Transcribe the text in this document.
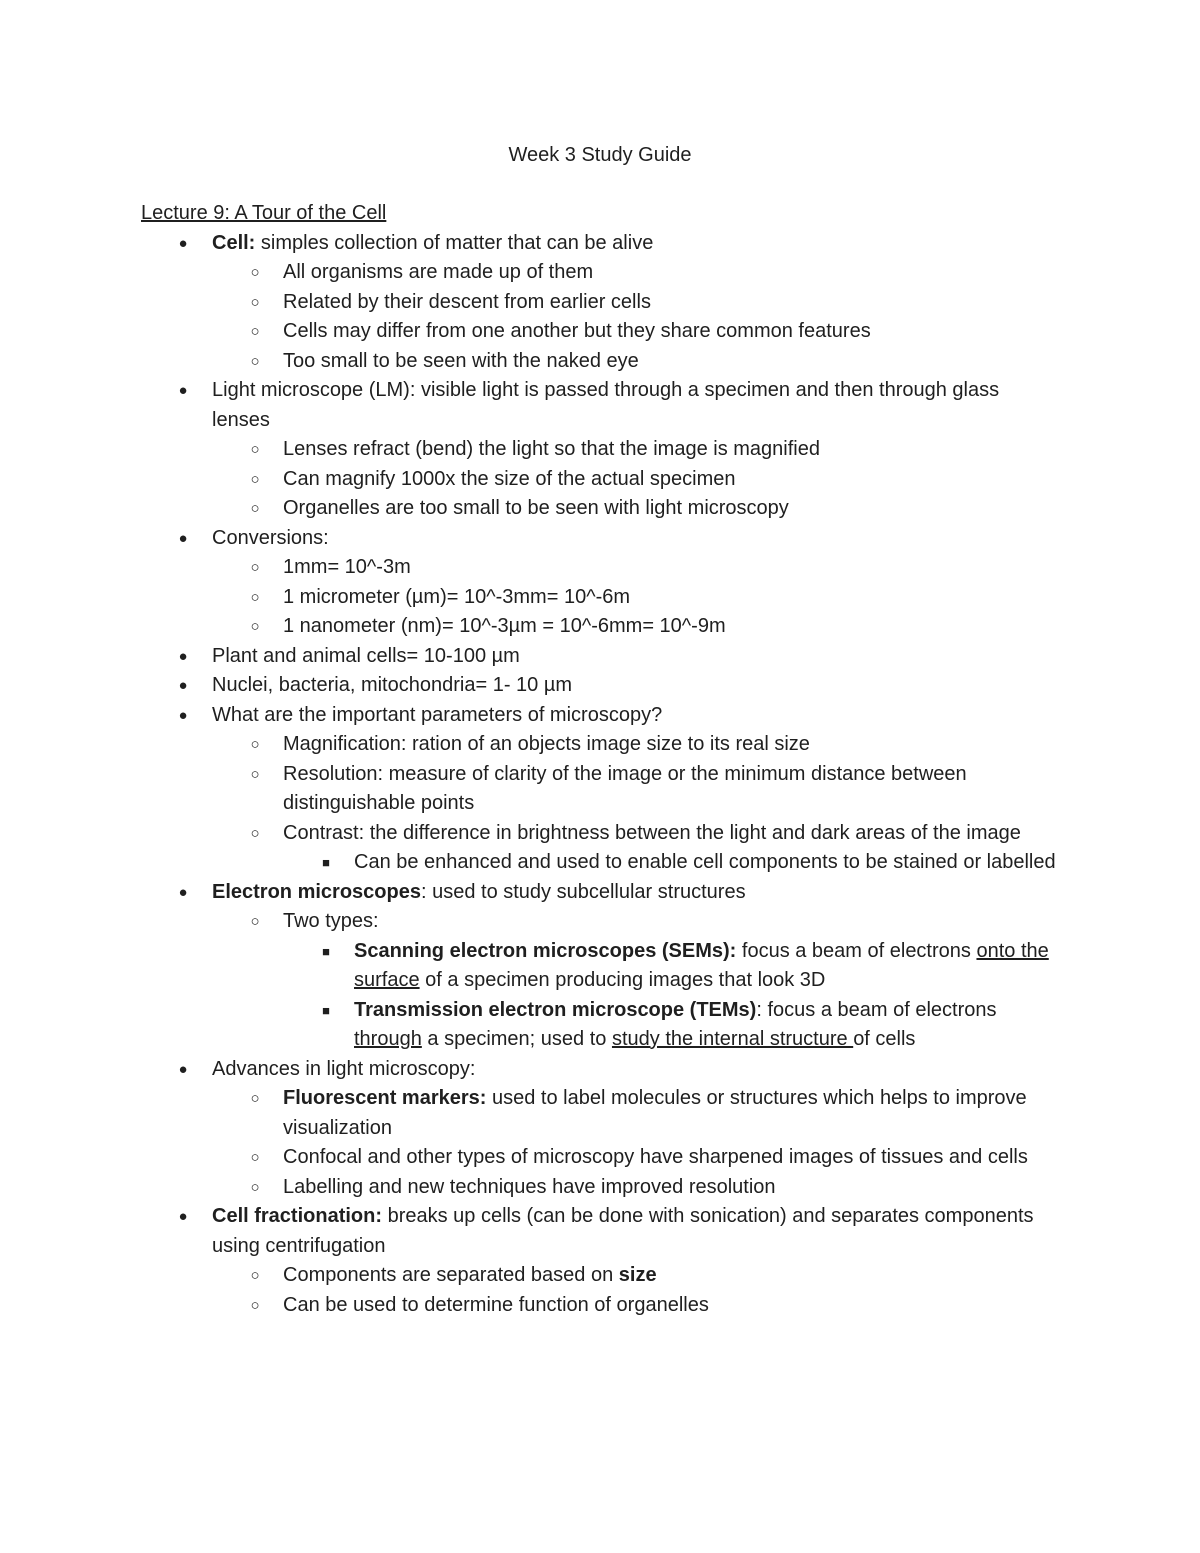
Week 3 Study Guide
Lecture 9: A Tour of the Cell
● Cell: simples collection of matter that can be alive
○ All organisms are made up of them
○ Related by their descent from earlier cells
○ Cells may differ from one another but they share common features
○ Too small to be seen with the naked eye
● Light microscope (LM): visible light is passed through a specimen and then through glass lenses
○ Lenses refract (bend) the light so that the image is magnified
○ Can magnify 1000x the size of the actual specimen
○ Organelles are too small to be seen with light microscopy
● Conversions:
○ 1mm= 10^-3m
○ 1 micrometer (µm)= 10^-3mm= 10^-6m
○ 1 nanometer (nm)= 10^-3µm = 10^-6mm= 10^-9m
● Plant and animal cells= 10-100 µm
● Nuclei, bacteria, mitochondria= 1- 10 µm
● What are the important parameters of microscopy?
○ Magnification: ration of an objects image size to its real size
○ Resolution: measure of clarity of the image or the minimum distance between distinguishable points
○ Contrast: the difference in brightness between the light and dark areas of the image
■	Can be enhanced and used to enable cell components to be stained or labelled
● Electron microscopes: used to study subcellular structures
○ Two types:
■	Scanning electron microscopes (SEMs): focus a beam of electrons onto the surface of a specimen producing images that look 3D
■	Transmission electron microscope (TEMs): focus a beam of electrons through a specimen; used to study the internal structure of cells
● Advances in light microscopy:
○ Fluorescent markers: used to label molecules or structures which helps to improve visualization
○ Confocal and other types of microscopy have sharpened images of tissues and cells
○ Labelling and new techniques have improved resolution
● Cell fractionation: breaks up cells (can be done with sonication) and separates components using centrifugation
○ Components are separated based on size
○ Can be used to determine function of organelles
